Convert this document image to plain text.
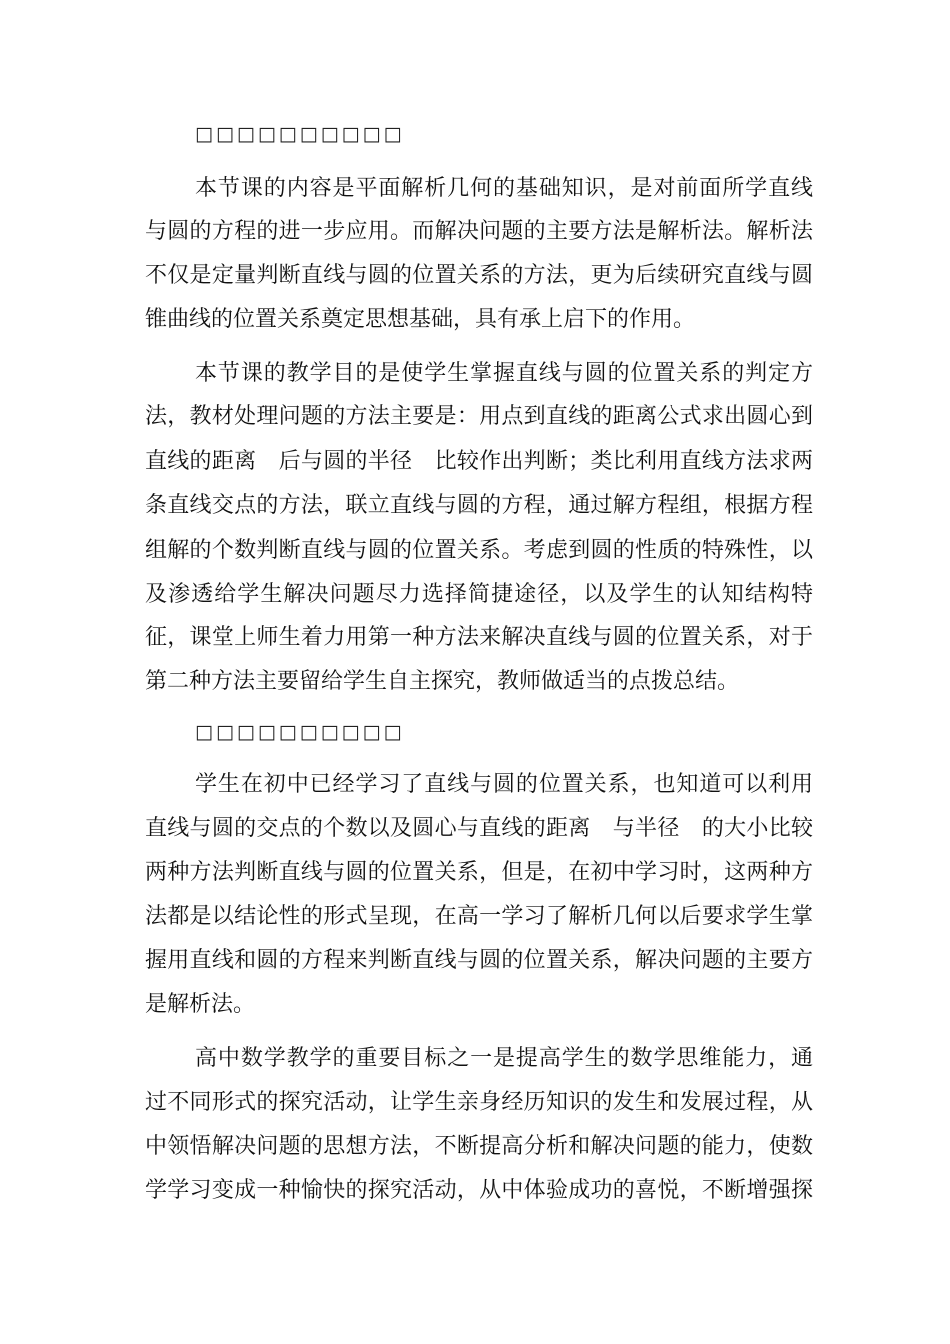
□□□□□□□□□□
本节课的内容是平面解析几何的基础知识，是对前面所学直线
与圆的方程的进一步应用。而解决问题的主要方法是解析法。解析法
不仅是定量判断直线与圆的位置关系的方法，更为后续研究直线与圆
锥曲线的位置关系奠定思想基础，具有承上启下的作用。
本节课的教学目的是使学生掌握直线与圆的位置关系的判定方
法，教材处理问题的方法主要是：用点到直线的距离公式求出圆心到
直线的距离　后与圆的半径　比较作出判断；类比利用直线方法求两
条直线交点的方法，联立直线与圆的方程，通过解方程组，根据方程
组解的个数判断直线与圆的位置关系。考虑到圆的性质的特殊性，以
及渗透给学生解决问题尽力选择简捷途径，以及学生的认知结构特
征，课堂上师生着力用第一种方法来解决直线与圆的位置关系，对于
第二种方法主要留给学生自主探究，教师做适当的点拨总结。
□□□□□□□□□□
学生在初中已经学习了直线与圆的位置关系，也知道可以利用
直线与圆的交点的个数以及圆心与直线的距离　与半径　的大小比较
两种方法判断直线与圆的位置关系，但是，在初中学习时，这两种方
法都是以结论性的形式呈现，在高一学习了解析几何以后要求学生掌
握用直线和圆的方程来判断直线与圆的位置关系，解决问题的主要方
是解析法。
高中数学教学的重要目标之一是提高学生的数学思维能力，通
过不同形式的探究活动，让学生亲身经历知识的发生和发展过程，从
中领悟解决问题的思想方法，不断提高分析和解决问题的能力，使数
学学习变成一种愉快的探究活动，从中体验成功的喜悦，不断增强探
